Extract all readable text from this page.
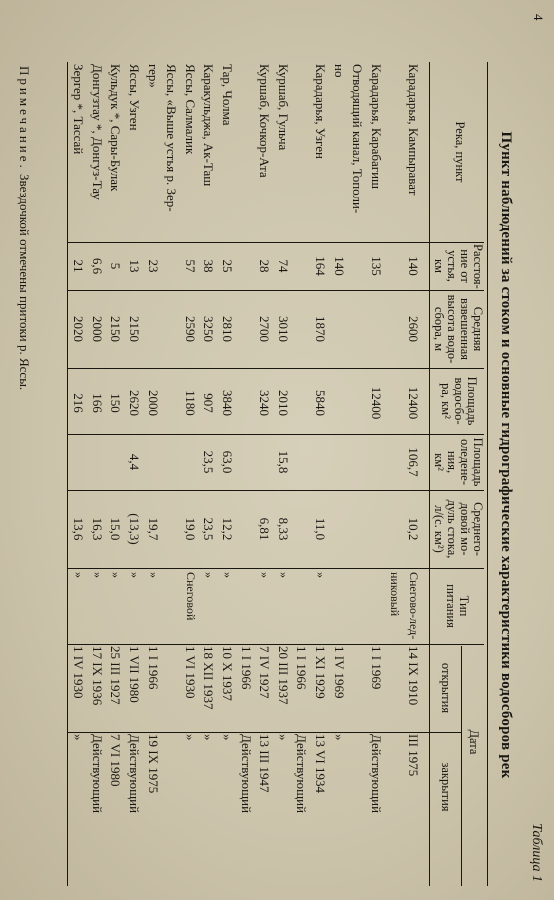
4
Таблица 1
Пункт наблюдений за стоком и основные гидрографические характеристики водосборов рек
Река, пункт
Расстоя-
ние от
устья,
км
Средняя
взвешенная
высота водо-
сбора, м
Площадь
водосбо-
ра, км²
Площадь
оледене-
ния,
км²
Среднего-
довой мо-
дуль стока,
л/(с. км²)
Тип
питания
Дата
открытия
закрытия
Карадарья, Кампырават
140
2600
12400
106,7
10,2
Снегово-лед-
14 IX 1910
III 1975
никовый
Карадарья, Карабагиш
135
12400
1 I 1969
Действующий
Отводящий канал, Тополи-
но
140
1 IV 1969
»
Карадарья, Узген
164
1870
5840
11,0
»
1 XI 1929
13 VI 1934
1 I 1966
Действующий
Куршаб, Гульча
74
3010
2010
15,8
8,33
»
20 III 1937
»
Куршаб, Кочкор-Ата
28
2700
3240
6,81
»
7 IV 1927
13 III 1947
1 I 1966
Действующий
Тар, Чолма
25
2810
3840
63,0
12,2
»
10 X 1937
»
Каракульджа, Ак-Таш
38
3250
907
23,5
23,5
»
18 XII 1937
»
Ясcы, Салмалик
57
2590
1180
19,0
Снеговой
1 VI 1930
»
Ясcы, «Выше устья р. Зер-
гер»
23
2000
19,7
»
1 I 1966
19 IX 1975
Ясcы, Узген
13
2150
2620
4,4
(13,3)
»
1 VII 1980
Действующий
Кульдук *, Сары-Булак
5
2150
150
15,0
»
25 III 1927
7 VI 1980
Донгузтау *, Донгуз-Тау
6,6
2000
166
16,3
»
17 IX 1936
Действующий
Зергер *, Тассай
21
2020
216
13,6
»
1 IV 1930
»
Примечание. Звездочкой отмечены притоки р. Ясcы.
